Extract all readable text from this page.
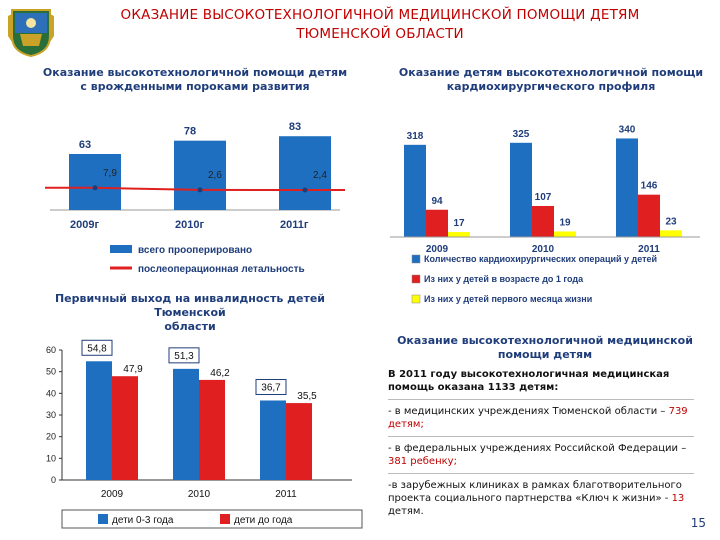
ОКАЗАНИЕ ВЫСОКОТЕХНОЛОГИЧНОЙ МЕДИЦИНСКОЙ ПОМОЩИ ДЕТЯМ
ТЮМЕНСКОЙ ОБЛАСТИ
Оказание высокотехнологичной помощи детям
с врожденными пороками развития
Оказание детям высокотехнологичной помощи
кардиохирургического профиля
63
2009г
78
2010г
83
2011г
7,9	2,6	2,4
всего прооперировано
послеоперационная летальность
318
94
17
2009
325
107
19
2010
340
146
23
2011
Количество кардиохирургических операций у детей
Из них у детей в возрасте до 1 года
Из них у детей первого месяца жизни
Первичный выход на инвалидность детей Тюменской
области
0
10
20
30
40
50
60	54,8
47,9
2009
51,3
46,2
2010
36,7
35,5
2011
дети 0-3 года	дети до года
Оказание высокотехнологичной медицинской
помощи детям
В 2011 году высокотехнологичная медицинская помощь оказана 1133 детям:
- в медицинских учреждениях Тюменской области – 739 детям;
- в федеральных учреждениях Российской Федерации – 381 ребенку;
-в зарубежных клиниках в рамках благотворительного проекта социального партнерства «Ключ к жизни» - 13 детям.
15
